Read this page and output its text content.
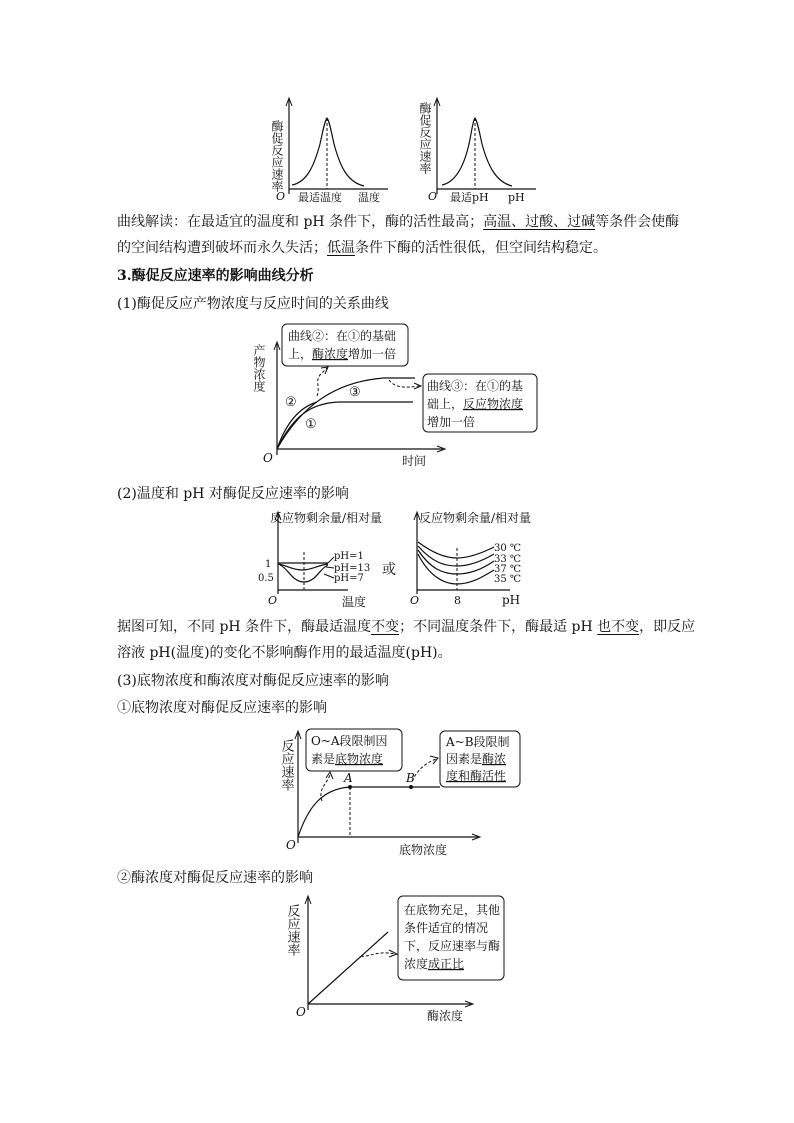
酶促反应速率
O 最适温度 温度
酶促反应速率
O 最适pH pH

曲线解读：在最适宜的温度和 pH 条件下，酶的活性最高；高温、过酸、过碱等条件会使酶

的空间结构遭到破坏而永久失活；低温条件下酶的活性很低，但空间结构稳定。

3.酶促反应速率的影响曲线分析

(1)酶促反应产物浓度与反应时间的关系曲线

产物浓度
②
①
③
O	时间
曲线②：在①的基础
上，酶浓度增加一倍
曲线③：在①的基
础上，反应物浓度
增加一倍

(2)温度和 pH 对酶促反应速率的影响

反应物剩余量/相对量
1
0.5
pH=1
pH=13
pH=7
O	温度

或

反应物剩余量/相对量
30 ℃
33 ℃
37 ℃
35 ℃
O	8	pH

据图可知，不同 pH 条件下，酶最适温度不变；不同温度条件下，酶最适 pH 也不变，即反应

溶液 pH(温度)的变化不影响酶作用的最适温度(pH)。

(3)底物浓度和酶浓度对酶促反应速率的影响

①底物浓度对酶促反应速率的影响

反应速率	A	B
O	底物浓度
O~A段限制因
素是底物浓度
A~B段限制
因素是酶浓
度和酶活性

②酶浓度对酶促反应速率的影响

反应速率
O	酶浓度
在底物充足，其他
条件适宜的情况
下，反应速率与酶
浓度成正比
